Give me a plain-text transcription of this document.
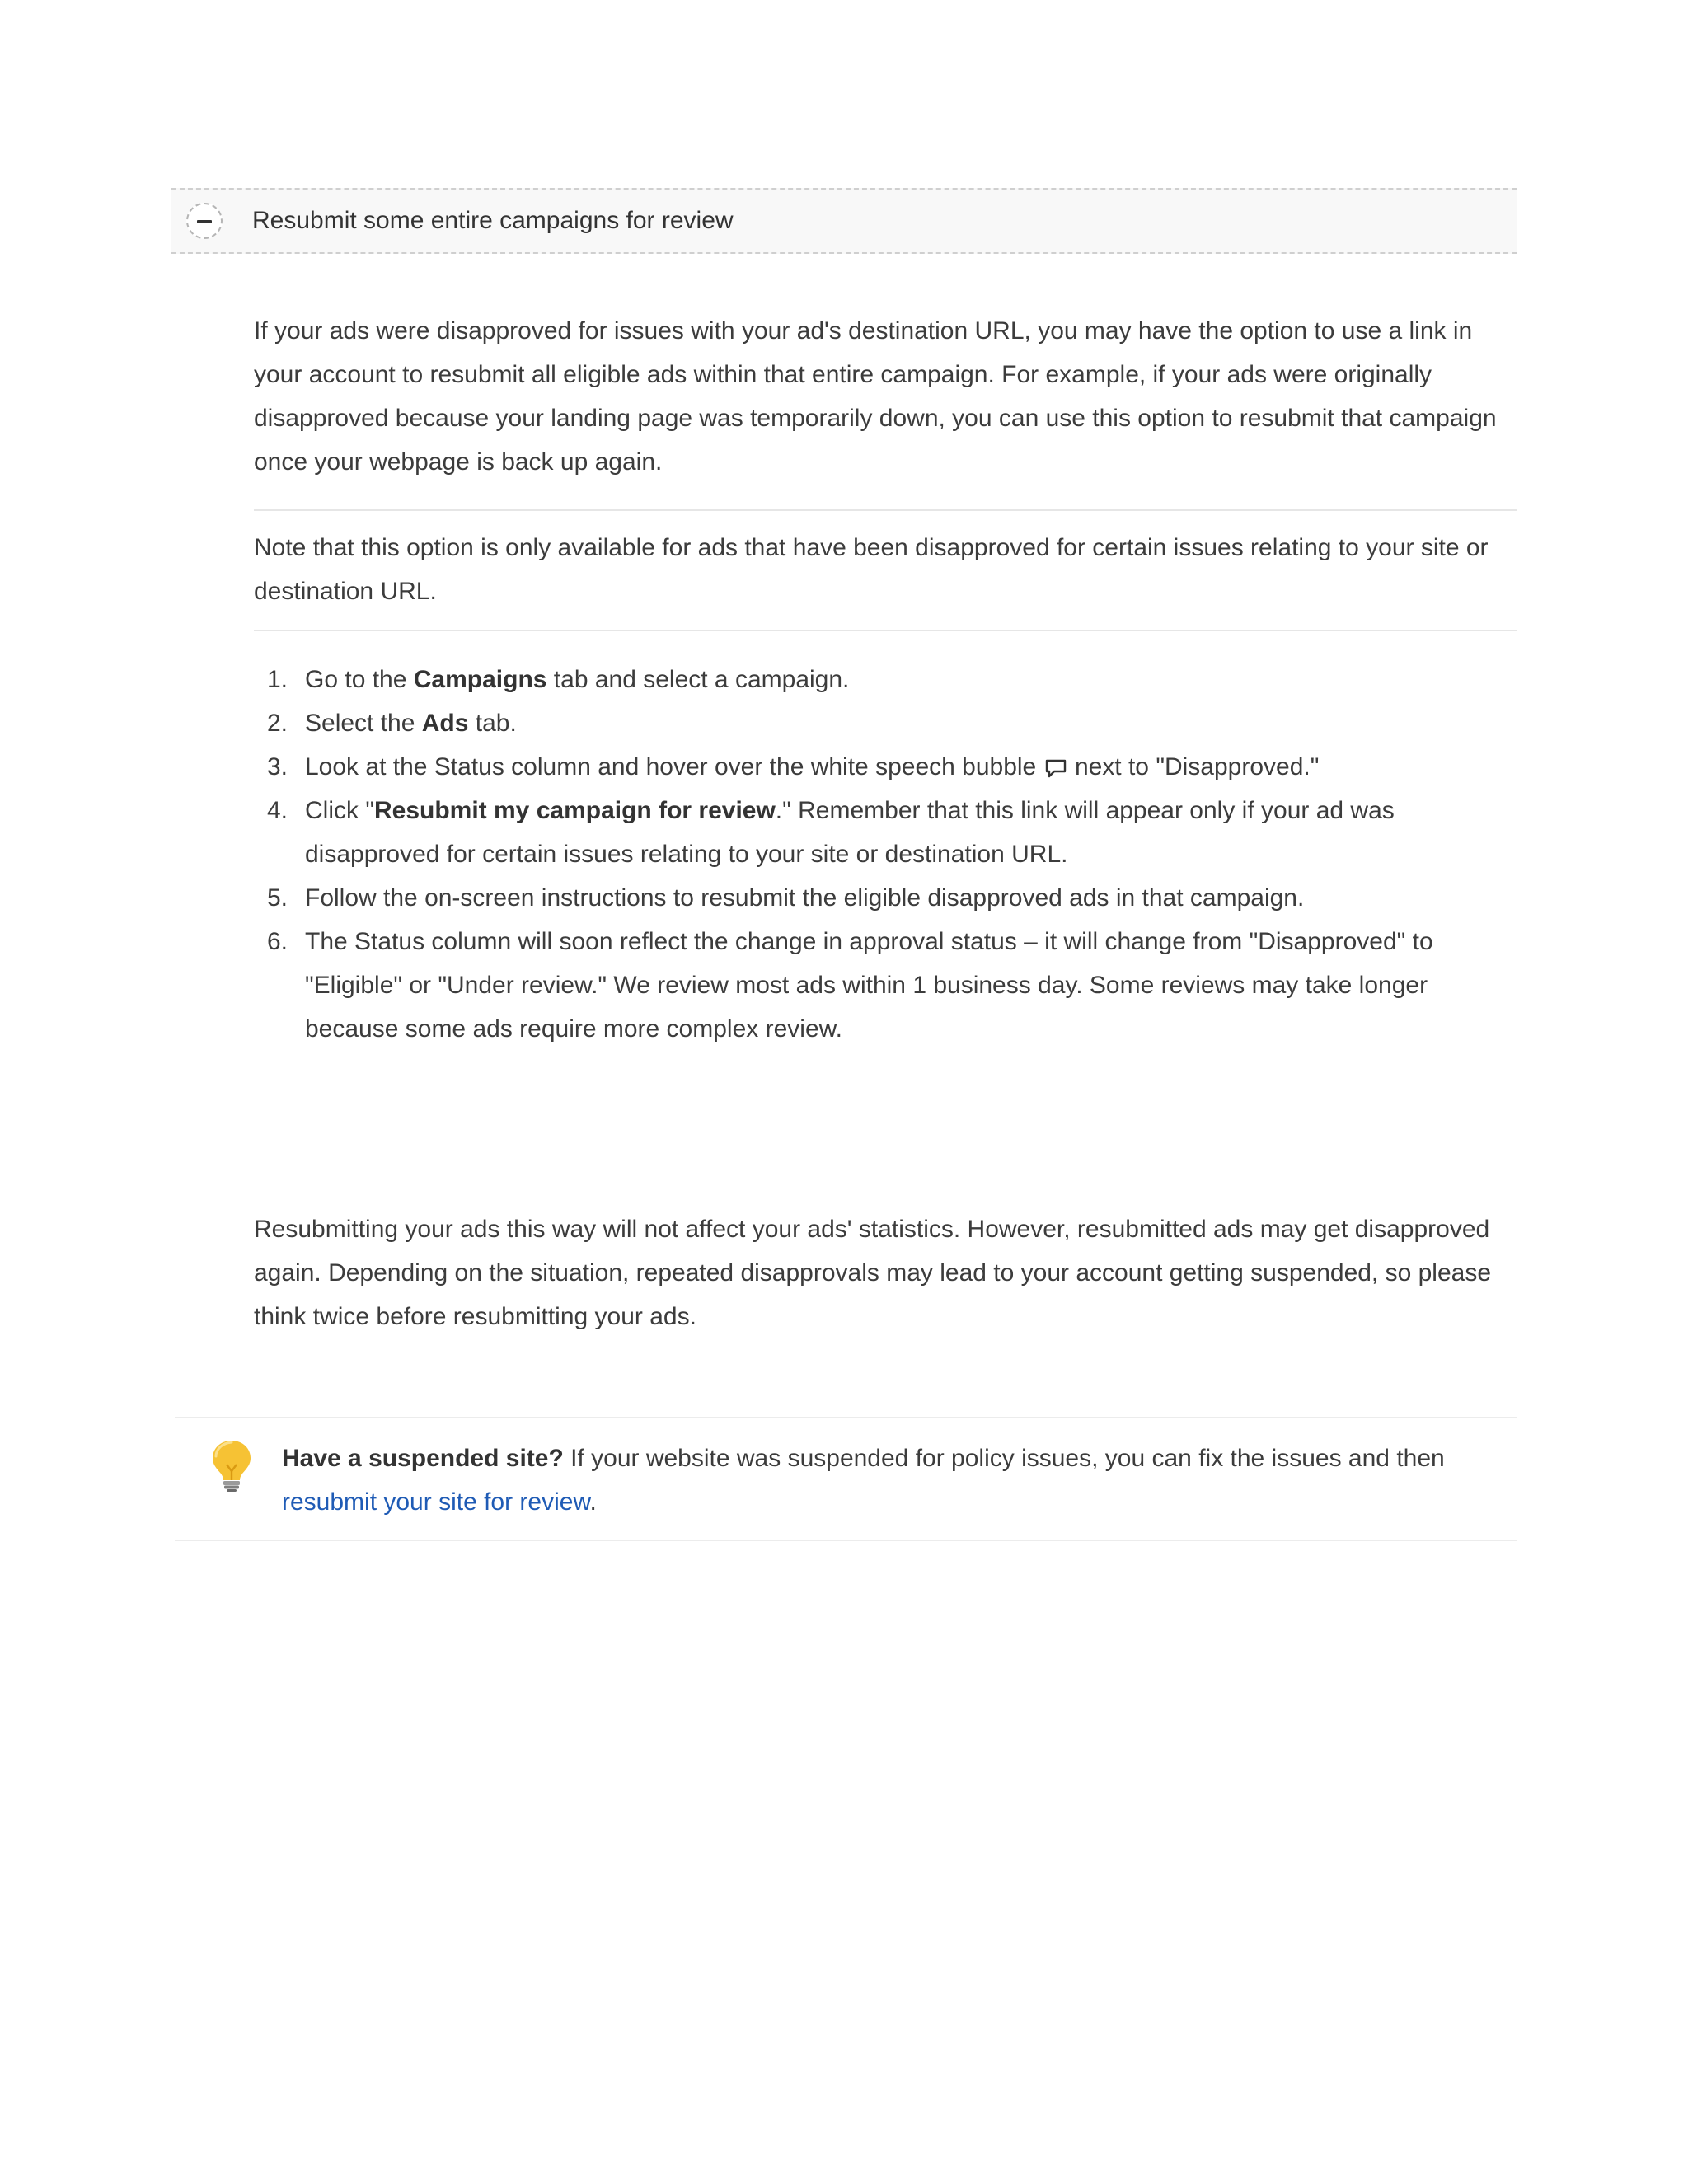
Resubmit some entire campaigns for review

If your ads were disapproved for issues with your ad's destination URL, you may have the option to use a link in your account to resubmit all eligible ads within that entire campaign. For example, if your ads were originally disapproved because your landing page was temporarily down, you can use this option to resubmit that campaign once your webpage is back up again.

Note that this option is only available for ads that have been disapproved for certain issues relating to your site or destination URL.

1. Go to the Campaigns tab and select a campaign.
2. Select the Ads tab.
3. Look at the Status column and hover over the white speech bubble next to "Disapproved."
4. Click "Resubmit my campaign for review." Remember that this link will appear only if your ad was disapproved for certain issues relating to your site or destination URL.
5. Follow the on-screen instructions to resubmit the eligible disapproved ads in that campaign.
6. The Status column will soon reflect the change in approval status – it will change from "Disapproved" to "Eligible" or "Under review." We review most ads within 1 business day. Some reviews may take longer because some ads require more complex review.

Resubmitting your ads this way will not affect your ads' statistics. However, resubmitted ads may get disapproved again. Depending on the situation, repeated disapprovals may lead to your account getting suspended, so please think twice before resubmitting your ads.

Have a suspended site? If your website was suspended for policy issues, you can fix the issues and then resubmit your site for review.
